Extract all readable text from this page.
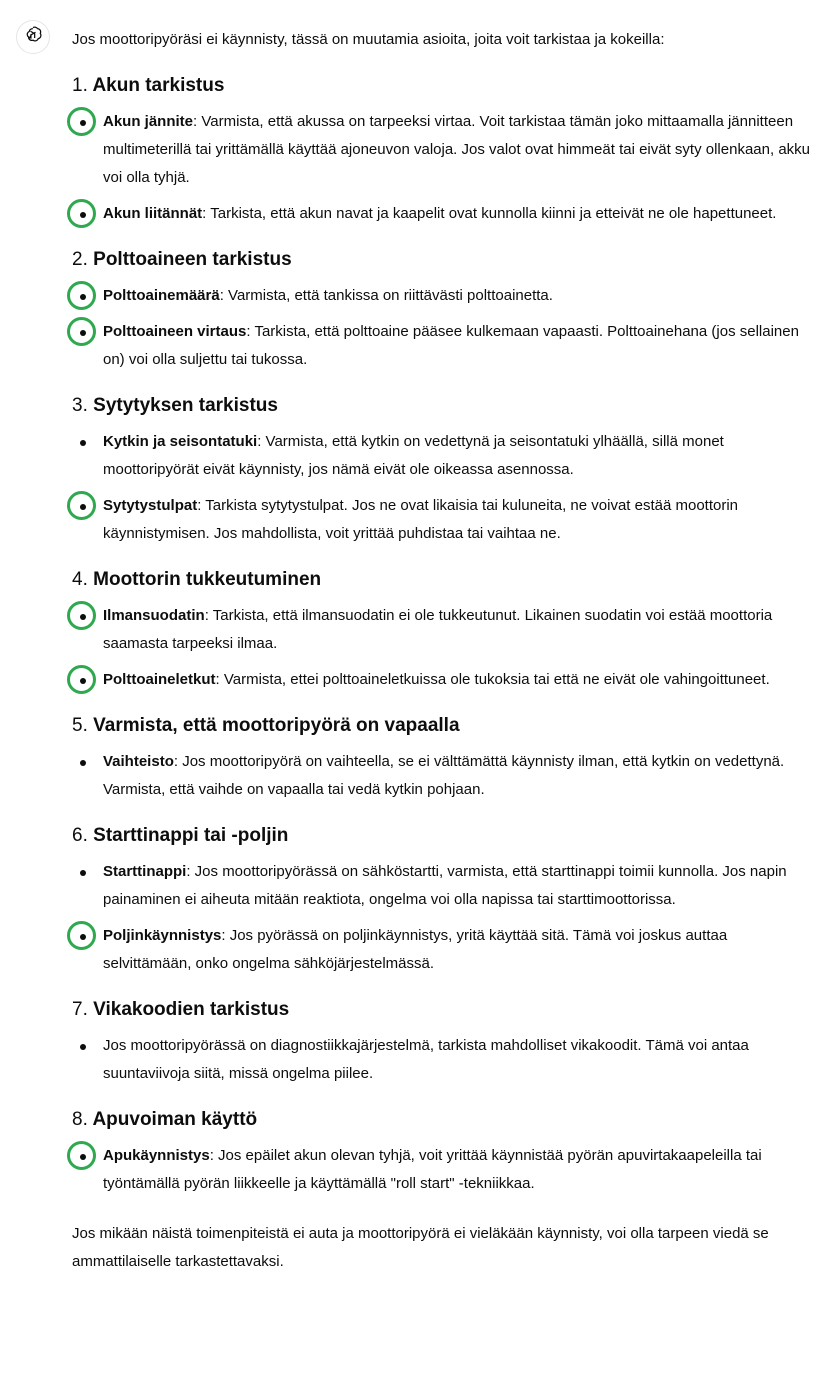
Jos moottoripyöräsi ei käynnisty, tässä on muutamia asioita, joita voit tarkistaa ja kokeilla:

1. Akun tarkistus
Akun jännite: Varmista, että akussa on tarpeeksi virtaa. Voit tarkistaa tämän joko mittaamalla jännitteen multimeterillä tai yrittämällä käyttää ajoneuvon valoja. Jos valot ovat himmeät tai eivät syty ollenkaan, akku voi olla tyhjä.
Akun liitännät: Tarkista, että akun navat ja kaapelit ovat kunnolla kiinni ja etteivät ne ole hapettuneet.
2. Polttoaineen tarkistus
Polttoainemäärä: Varmista, että tankissa on riittävästi polttoainetta.
Polttoaineen virtaus: Tarkista, että polttoaine pääsee kulkemaan vapaasti. Polttoainehana (jos sellainen on) voi olla suljettu tai tukossa.
3. Sytytyksen tarkistus
Kytkin ja seisontatuki: Varmista, että kytkin on vedettynä ja seisontatuki ylhäällä, sillä monet moottoripyörät eivät käynnisty, jos nämä eivät ole oikeassa asennossa.
Sytytystulpat: Tarkista sytytystulpat. Jos ne ovat likaisia tai kuluneita, ne voivat estää moottorin käynnistymisen. Jos mahdollista, voit yrittää puhdistaa tai vaihtaa ne.
4. Moottorin tukkeutuminen
Ilmansuodatin: Tarkista, että ilmansuodatin ei ole tukkeutunut. Likainen suodatin voi estää moottoria saamasta tarpeeksi ilmaa.
Polttoaineletkut: Varmista, ettei polttoaineletkuissa ole tukoksia tai että ne eivät ole vahingoittuneet.
5. Varmista, että moottoripyörä on vapaalla
Vaihteisto: Jos moottoripyörä on vaihteella, se ei välttämättä käynnisty ilman, että kytkin on vedettynä. Varmista, että vaihde on vapaalla tai vedä kytkin pohjaan.
6. Starttinappi tai -poljin
Starttinappi: Jos moottoripyörässä on sähköstartti, varmista, että starttinappi toimii kunnolla. Jos napin painaminen ei aiheuta mitään reaktiota, ongelma voi olla napissa tai starttimoottorissa.
Poljinkäynnistys: Jos pyörässä on poljinkäynnistys, yritä käyttää sitä. Tämä voi joskus auttaa selvittämään, onko ongelma sähköjärjestelmässä.
7. Vikakoodien tarkistus
Jos moottoripyörässä on diagnostiikkajärjestelmä, tarkista mahdolliset vikakoodit. Tämä voi antaa suuntaviivoja siitä, missä ongelma piilee.
8. Apuvoiman käyttö
Apukäynnistys: Jos epäilet akun olevan tyhjä, voit yrittää käynnistää pyörän apuvirtakaapeleilla tai työntämällä pyörän liikkeelle ja käyttämällä "roll start" -tekniikkaa.

Jos mikään näistä toimenpiteistä ei auta ja moottoripyörä ei vieläkään käynnisty, voi olla tarpeen viedä se ammattilaiselle tarkastettavaksi.
